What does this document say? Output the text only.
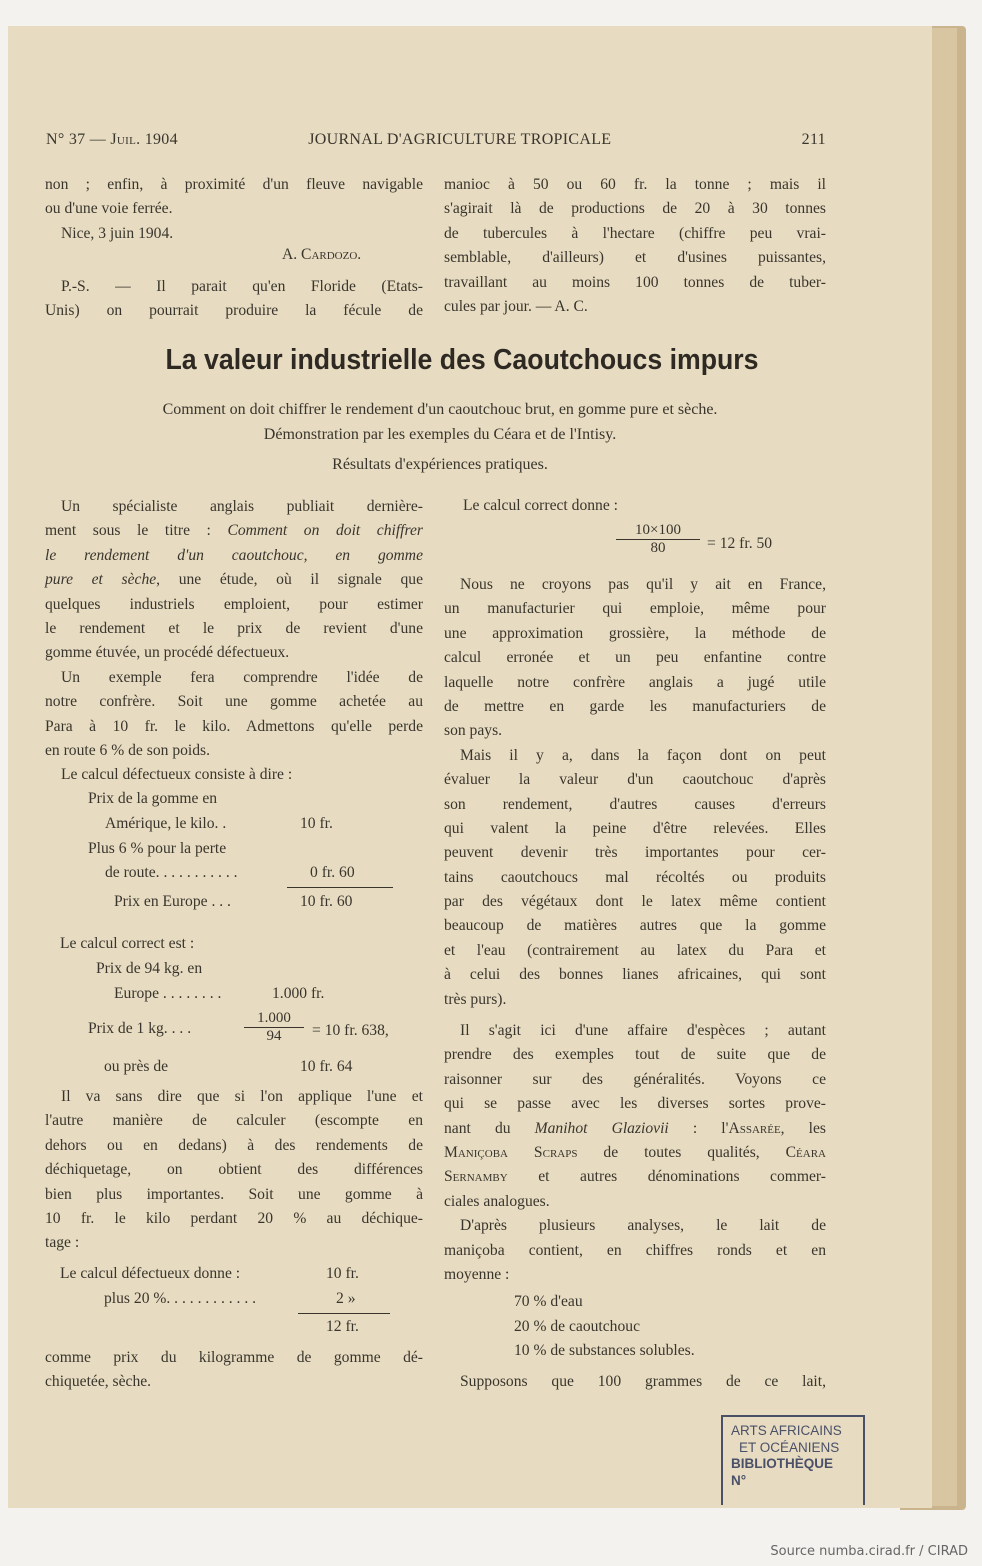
N° 37 — Juil. 1904	JOURNAL D'AGRICULTURE TROPICALE	211
non ; enfin, à proximité d'un fleuve navigable
ou d'une voie ferrée.
Nice, 3 juin 1904.
A. Cardozo.
P.-S. — Il parait qu'en Floride (Etats-
Unis) on pourrait produire la fécule de
manioc à 50 ou 60 fr. la tonne ; mais il
s'agirait là de productions de 20 à 30 tonnes
de tubercules à l'hectare (chiffre peu vrai-
semblable, d'ailleurs) et d'usines puissantes,
travaillant au moins 100 tonnes de tuber-
cules par jour. — A. C.
La valeur industrielle des Caoutchoucs impurs
Comment on doit chiffrer le rendement d'un caoutchouc brut, en gomme pure et sèche.
Démonstration par les exemples du Céara et de l'Intisy.
Résultats d'expériences pratiques.
Un spécialiste anglais publiait dernière-
ment sous le titre : Comment on doit chiffrer
le rendement d'un caoutchouc, en gomme
pure et sèche, une étude, où il signale que
quelques industriels emploient, pour estimer
le rendement et le prix de revient d'une
gomme étuvée, un procédé défectueux.
Un exemple fera comprendre l'idée de
notre confrère. Soit une gomme achetée au
Para à 10 fr. le kilo. Admettons qu'elle perde
en route 6 % de son poids.
Le calcul défectueux consiste à dire :
Prix de la gomme en
Amérique, le kilo. .	10 fr.
Plus 6 % pour la perte
de route. . . . . . . . . . .	0 fr. 60
Prix en Europe . . .	10 fr. 60
Le calcul correct est :
Prix de 94 kg. en
Europe . . . . . . . .	1.000 fr.
Prix de 1 kg. . . .	$\frac{1.000}{94} = 10$ fr. 638,
ou près de	10 fr. 64
Il va sans dire que si l'on applique l'une et
l'autre manière de calculer (escompte en
dehors ou en dedans) à des rendements de
déchiquetage, on obtient des différences
bien plus importantes. Soit une gomme à
10 fr. le kilo perdant 20 % au déchique-
tage :
Le calcul défectueux donne :	10 fr.
plus 20 %. . . . . . . . . . . .	2 »
12 fr.
comme prix du kilogramme de gomme dé-
chiquetée, sèche.
Le calcul correct donne :
$\frac{10\times 100}{80} = 12$ fr. 50
Nous ne croyons pas qu'il y ait en France,
un manufacturier qui emploie, même pour
une approximation grossière, la méthode de
calcul erronée et un peu enfantine contre
laquelle notre confrère anglais a jugé utile
de mettre en garde les manufacturiers de
son pays.
Mais il y a, dans la façon dont on peut
évaluer la valeur d'un caoutchouc d'après
son rendement, d'autres causes d'erreurs
qui valent la peine d'être relevées. Elles
peuvent devenir très importantes pour cer-
tains caoutchoucs mal récoltés ou produits
par des végétaux dont le latex même contient
beaucoup de matières autres que la gomme
et l'eau (contrairement au latex du Para et
à celui des bonnes lianes africaines, qui sont
très purs).
Il s'agit ici d'une affaire d'espèces ; autant
prendre des exemples tout de suite que de
raisonner sur des généralités. Voyons ce
qui se passe avec les diverses sortes prove-
nant du Manihot Glaziovii : l'Assarée, les
Maniçoba Scraps de toutes qualités, Céara
Sernamby et autres dénominations commer-
ciales analogues.
D'après plusieurs analyses, le lait de
maniçoba contient, en chiffres ronds et en
moyenne :
70 % d'eau
20 % de caoutchouc
10 % de substances solubles.
Supposons que 100 grammes de ce lait,
ARTS AFRICAINS
ET OCÉANIENS
BIBLIOTHÈQUE
N°
Source numba.cirad.fr / CIRAD
